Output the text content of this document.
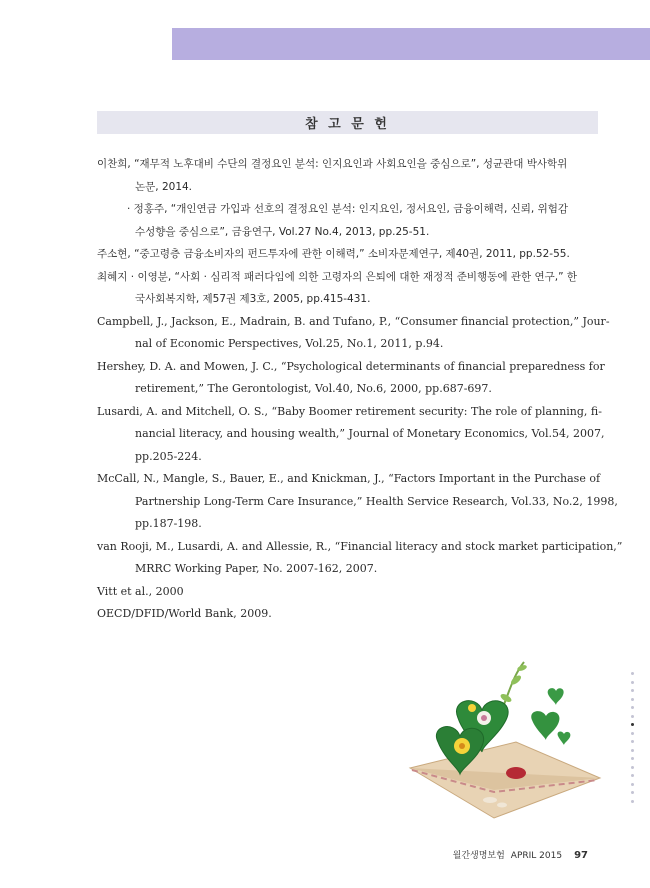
참 고 문 헌
이찬희, “재무적 노후대비 수단의 결정요인 분석: 인지요인과 사회요인을 중심으로”, 성균관대 박사학위
논문, 2014.
· 정홍주, “개인연금 가입과 선호의 결정요인 분석: 인지요인, 정서요인, 금융이해력, 신뢰, 위험감
수성향을 중심으로”, 금융연구, Vol.27 No.4, 2013, pp.25-51.
주소현, “중고령층 금융소비자의 펀드투자에 관한 이해력,” 소비자문제연구, 제40권, 2011, pp.52-55.
최혜지 · 이영분, “사회 · 심리적 패러다임에 의한 고령자의 은퇴에 대한 재정적 준비행동에 관한 연구,” 한
국사회복지학, 제57권 제3호, 2005, pp.415-431.
Campbell, J., Jackson, E., Madrain, B. and Tufano, P., “Consumer financial protection,” Jour-
nal of Economic Perspectives, Vol.25, No.1, 2011, p.94.
Hershey, D. A. and Mowen, J. C., “Psychological determinants of financial preparedness for
retirement,” The Gerontologist, Vol.40, No.6, 2000, pp.687-697.
Lusardi, A. and Mitchell, O. S., “Baby Boomer retirement security: The role of planning, fi-
nancial literacy, and housing wealth,” Journal of Monetary Economics, Vol.54, 2007,
pp.205-224.
McCall, N., Mangle, S., Bauer, E., and Knickman, J., “Factors Important in the Purchase of
Partnership Long-Term Care Insurance,” Health Service Research, Vol.33, No.2, 1998,
pp.187-198.
van Rooji, M., Lusardi, A. and Allessie, R., “Financial literacy and stock market participation,”
MRRC Working Paper, No. 2007-162, 2007.
Vitt et al., 2000
OECD/DFID/World Bank, 2009.
월간생명보험 APRIL 2015 97
